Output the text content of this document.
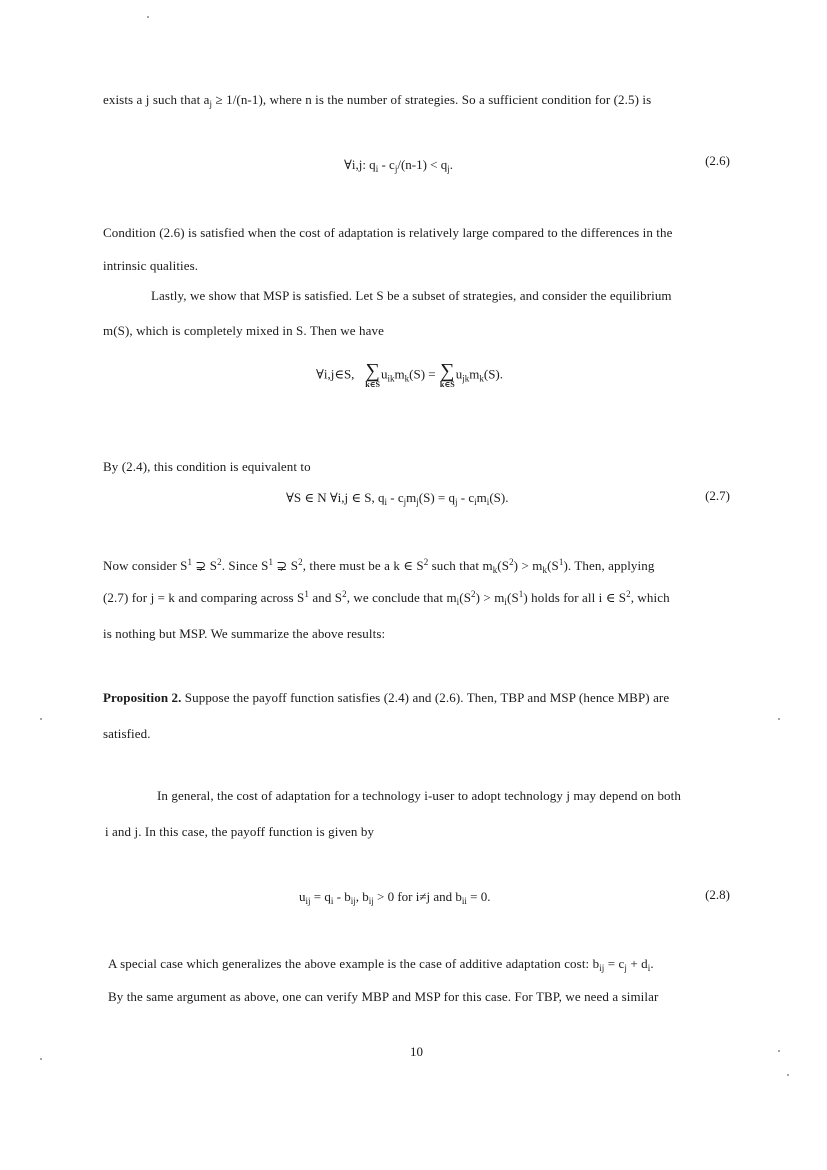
exists a j such that $a_j \ge 1/(n-1)$, where n is the number of strategies. So a sufficient condition for (2.5) is
∀i,j: $q_i - c_j/(n-1) < q_j$.	(2.6)
Condition (2.6) is satisfied when the cost of adaptation is relatively large compared to the differences in the
intrinsic qualities.
Lastly, we show that MSP is satisfied. Let S be a subset of strategies, and consider the equilibrium
m(S), which is completely mixed in S. Then we have
∀i,j∈S, ∑
k∈S
$u_{ik}m_k(S)$ = ∑
k∈S
$u_{jk}m_k(S)$.
By (2.4), this condition is equivalent to
∀S ∈ N ∀i,j ∈ S, $q_i - c_jm_j(S) = q_j - c_im_i(S)$.	(2.7)
Now consider $S^1$ ⊋ $S^2$. Since $S^1$ ⊋ $S^2$, there must be a k ∈ $S^2$ such that $m_k(S^2) > m_k(S^1)$. Then, applying
(2.7) for j = k and comparing across $S^1$ and $S^2$, we conclude that $m_i(S^2) > m_i(S^1)$ holds for all i ∈ $S^2$, which
is nothing but MSP. We summarize the above results:
Proposition 2. Suppose the payoff function satisfies (2.4) and (2.6). Then, TBP and MSP (hence MBP) are
satisfied.
In general, the cost of adaptation for a technology i-user to adopt technology j may depend on both
i and j. In this case, the payoff function is given by
$u_{ij} = q_i - b_{ij}$, $b_{ij} > 0$ for i≠j and $b_{ii} = 0$.	(2.8)
A special case which generalizes the above example is the case of additive adaptation cost: $b_{ij} = c_j + d_i$.
By the same argument as above, one can verify MBP and MSP for this case. For TBP, we need a similar
10
